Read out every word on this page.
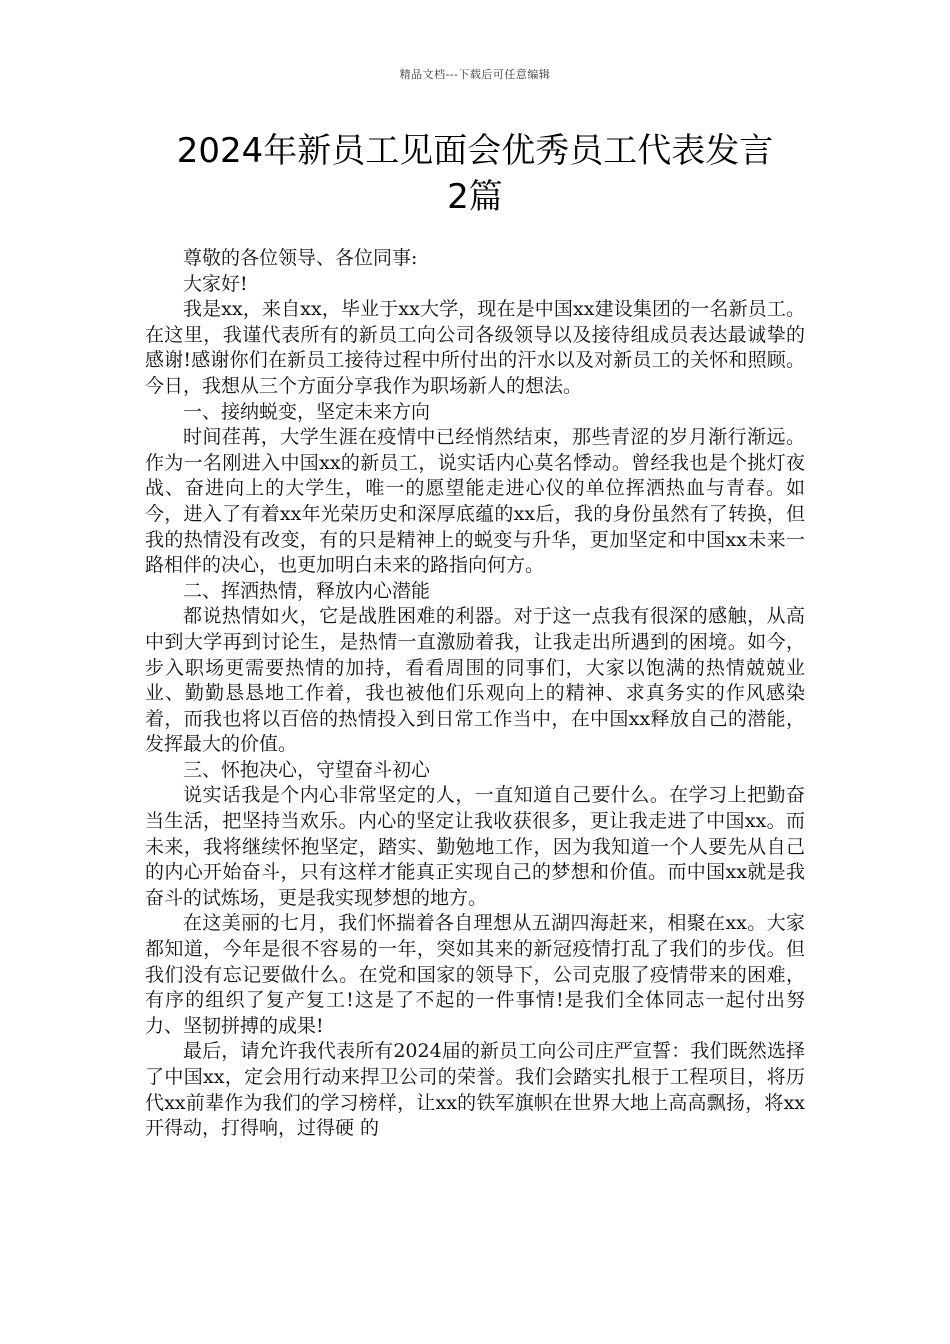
精品文档---下载后可任意编辑
2024年新员工见面会优秀员工代表发言
2篇

尊敬的各位领导、各位同事:

大家好!

我是xx，来自xx，毕业于xx大学，现在是中国xx建设集团的一名新员工。在这里，我谨代表所有的新员工向公司各级领导以及接待组成员表达最诚挚的感谢!感谢你们在新员工接待过程中所付出的汗水以及对新员工的关怀和照顾。今日，我想从三个方面分享我作为职场新人的想法。

一、接纳蜕变，坚定未来方向

时间荏苒，大学生涯在疫情中已经悄然结束，那些青涩的岁月渐行渐远。作为一名刚进入中国xx的新员工，说实话内心莫名悸动。曾经我也是个挑灯夜战、奋进向上的大学生，唯一的愿望能走进心仪的单位挥洒热血与青春。如今，进入了有着xx年光荣历史和深厚底蕴的xx后，我的身份虽然有了转换，但我的热情没有改变，有的只是精神上的蜕变与升华，更加坚定和中国xx未来一路相伴的决心，也更加明白未来的路指向何方。

二、挥洒热情，释放内心潜能

都说热情如火，它是战胜困难的利器。对于这一点我有很深的感触，从高中到大学再到讨论生，是热情一直激励着我，让我走出所遇到的困境。如今，步入职场更需要热情的加持，看看周围的同事们，大家以饱满的热情兢兢业业、勤勤恳恳地工作着，我也被他们乐观向上的精神、求真务实的作风感染着，而我也将以百倍的热情投入到日常工作当中，在中国xx释放自己的潜能，发挥最大的价值。

三、怀抱决心，守望奋斗初心

说实话我是个内心非常坚定的人，一直知道自己要什么。在学习上把勤奋当生活，把坚持当欢乐。内心的坚定让我收获很多，更让我走进了中国xx。而未来，我将继续怀抱坚定，踏实、勤勉地工作，因为我知道一个人要先从自己的内心开始奋斗，只有这样才能真正实现自己的梦想和价值。而中国xx就是我奋斗的试炼场，更是我实现梦想的地方。

在这美丽的七月，我们怀揣着各自理想从五湖四海赶来，相聚在xx。大家都知道，今年是很不容易的一年，突如其来的新冠疫情打乱了我们的步伐。但我们没有忘记要做什么。在党和国家的领导下，公司克服了疫情带来的困难，有序的组织了复产复工!这是了不起的一件事情!是我们全体同志一起付出努力、坚韧拼搏的成果!

最后，请允许我代表所有2024届的新员工向公司庄严宣誓：我们既然选择了中国xx，定会用行动来捍卫公司的荣誉。我们会踏实扎根于工程项目，将历代xx前辈作为我们的学习榜样，让xx的铁军旗帜在世界大地上高高飘扬，将xx 开得动，打得响，过得硬 的
